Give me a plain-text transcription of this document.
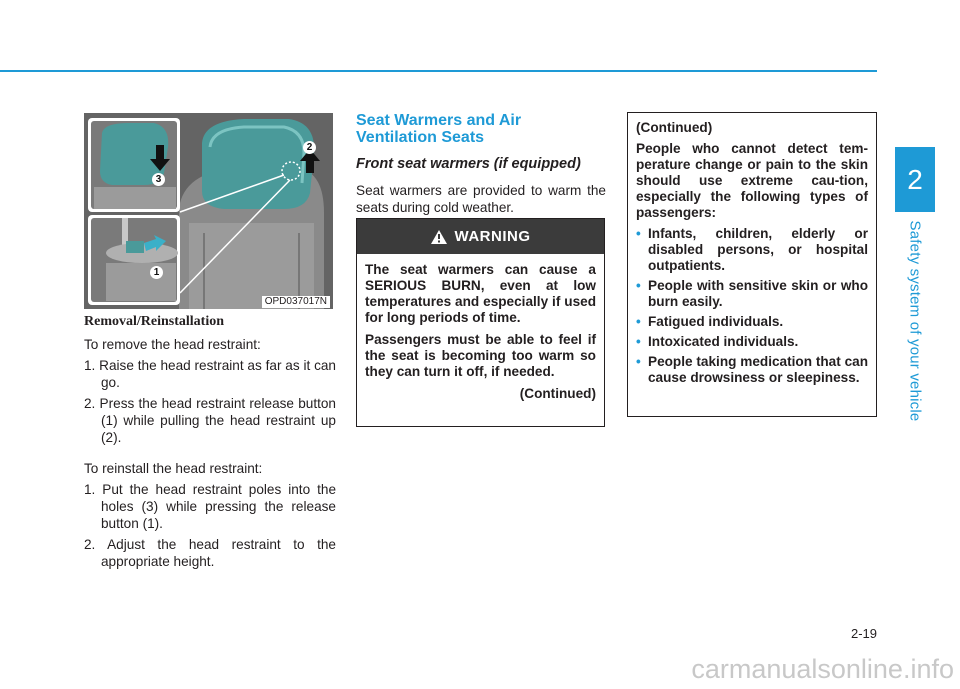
2
Safety system of your vehicle
1
2
3
OPD037017N
Removal/Reinstallation
To remove the head restraint:
1. Raise the head restraint as far as it can go.
2. Press the head restraint release button (1) while pulling the head restraint up (2).
To reinstall the head restraint:
1. Put the head restraint poles into the holes (3) while pressing the release button (1).
2. Adjust the head restraint to the appropriate height.
Seat Warmers and Air Ventilation Seats
Front seat warmers (if equipped)
Seat warmers are provided to warm the seats during cold weather.
WARNING

The seat warmers can cause a SERIOUS BURN, even at low temperatures and especially if used for long periods of time.

Passengers must be able to feel if the seat is becoming too warm so they can turn it off, if needed.

(Continued)

(Continued)

People who cannot detect tem-perature change or pain to the skin should use extreme cau-tion, especially the following types of passengers:

• Infants, children, elderly or disabled persons, or hospital outpatients.
• People with sensitive skin or who burn easily.
• Fatigued individuals.
• Intoxicated individuals.
• People taking medication that can cause drowsiness or sleepiness.
2-19
carmanualsonline.info
